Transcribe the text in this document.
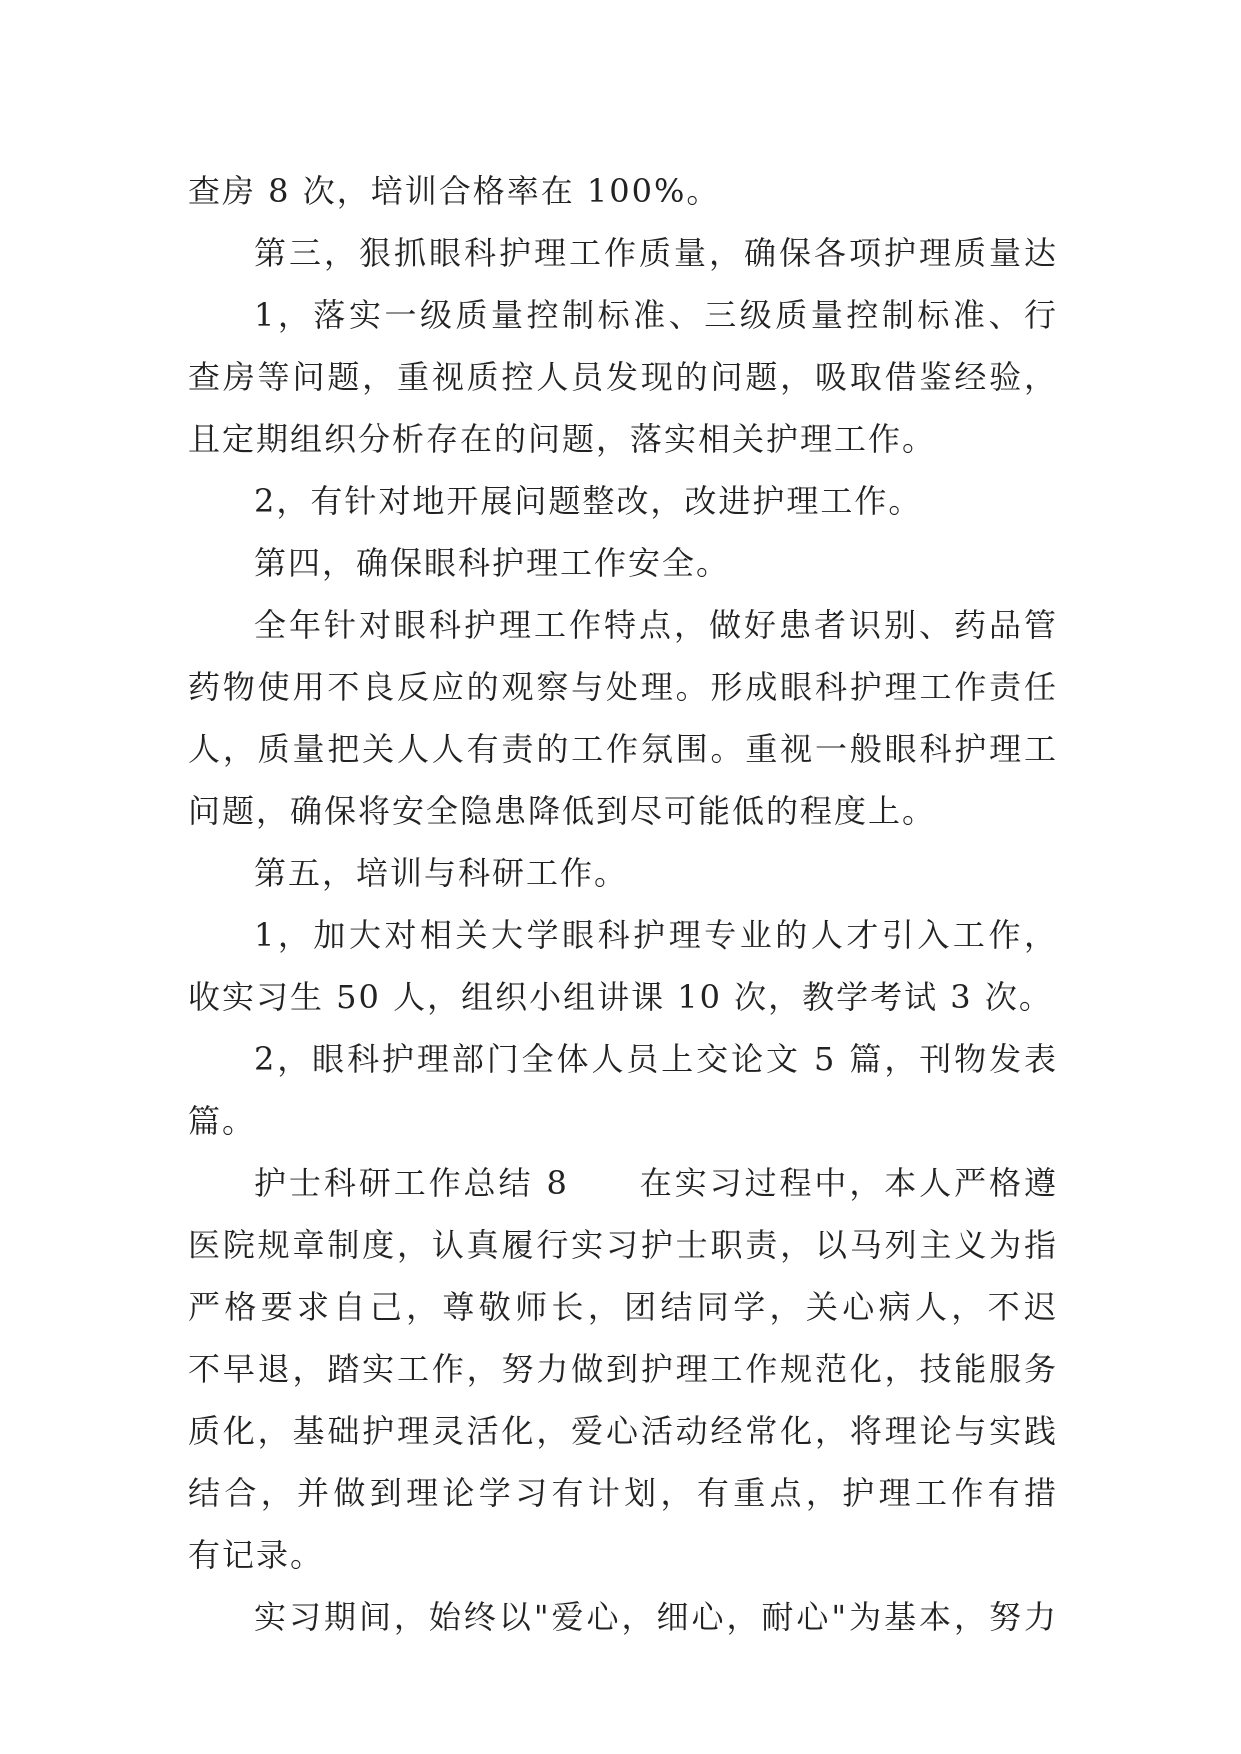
查房 8 次，培训合格率在 100%。
第三，狠抓眼科护理工作质量，确保各项护理质量达
1，落实一级质量控制标准、三级质量控制标准、行
查房等问题，重视质控人员发现的问题，吸取借鉴经验，
且定期组织分析存在的问题，落实相关护理工作。
2，有针对地开展问题整改，改进护理工作。
第四，确保眼科护理工作安全。
全年针对眼科护理工作特点，做好患者识别、药品管
药物使用不良反应的观察与处理。形成眼科护理工作责任
人，质量把关人人有责的工作氛围。重视一般眼科护理工
问题，确保将安全隐患降低到尽可能低的程度上。
第五，培训与科研工作。
1，加大对相关大学眼科护理专业的人才引入工作，
收实习生 50 人，组织小组讲课 10 次，教学考试 3 次。
2，眼科护理部门全体人员上交论文 5 篇，刊物发表
篇。
护士科研工作总结 8 在实习过程中，本人严格遵
医院规章制度，认真履行实习护士职责，以马列主义为指
严格要求自己，尊敬师长，团结同学，关心病人，不迟
不早退，踏实工作，努力做到护理工作规范化，技能服务
质化，基础护理灵活化，爱心活动经常化，将理论与实践
结合，并做到理论学习有计划，有重点，护理工作有措
有记录。
实习期间，始终以"爱心，细心，耐心"为基本，努力
